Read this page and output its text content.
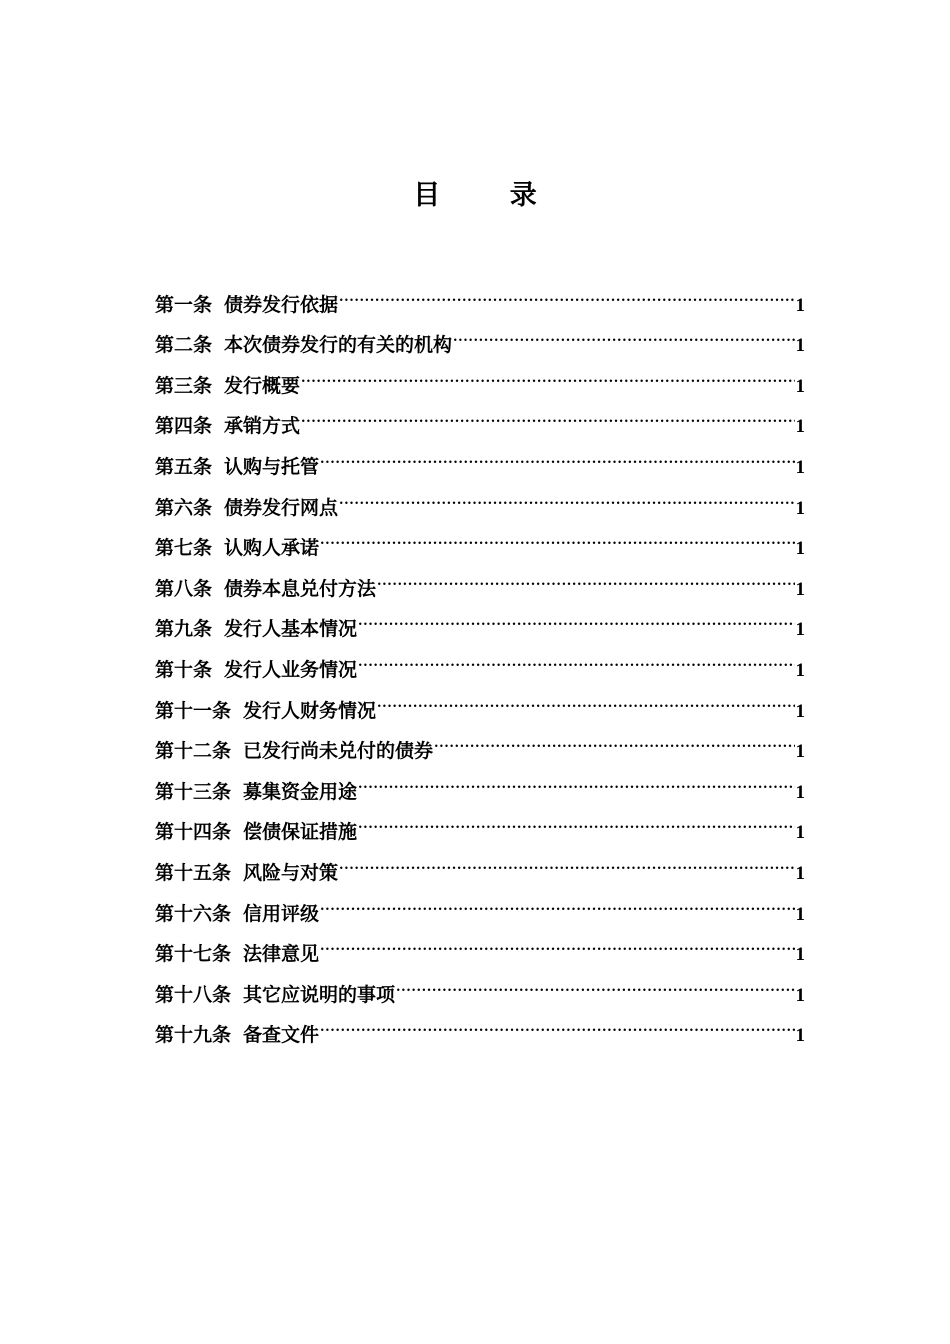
目 录
第一条 债券发行依据 .....	1
第二条 本次债券发行的有关的机构 .....	1
第三条 发行概要 .....	1
第四条 承销方式 .....	1
第五条 认购与托管 .....	1
第六条 债券发行网点 .....	1
第七条 认购人承诺 .....	1
第八条 债券本息兑付方法 .....	1
第九条 发行人基本情况 .....	1
第十条 发行人业务情况 .....	1
第十一条 发行人财务情况 .....	1
第十二条 已发行尚未兑付的债券 .....	1
第十三条 募集资金用途 .....	1
第十四条 偿债保证措施 .....	1
第十五条 风险与对策 .....	1
第十六条 信用评级 .....	1
第十七条 法律意见 .....	1
第十八条 其它应说明的事项 .....	1
第十九条 备查文件 .....	1
